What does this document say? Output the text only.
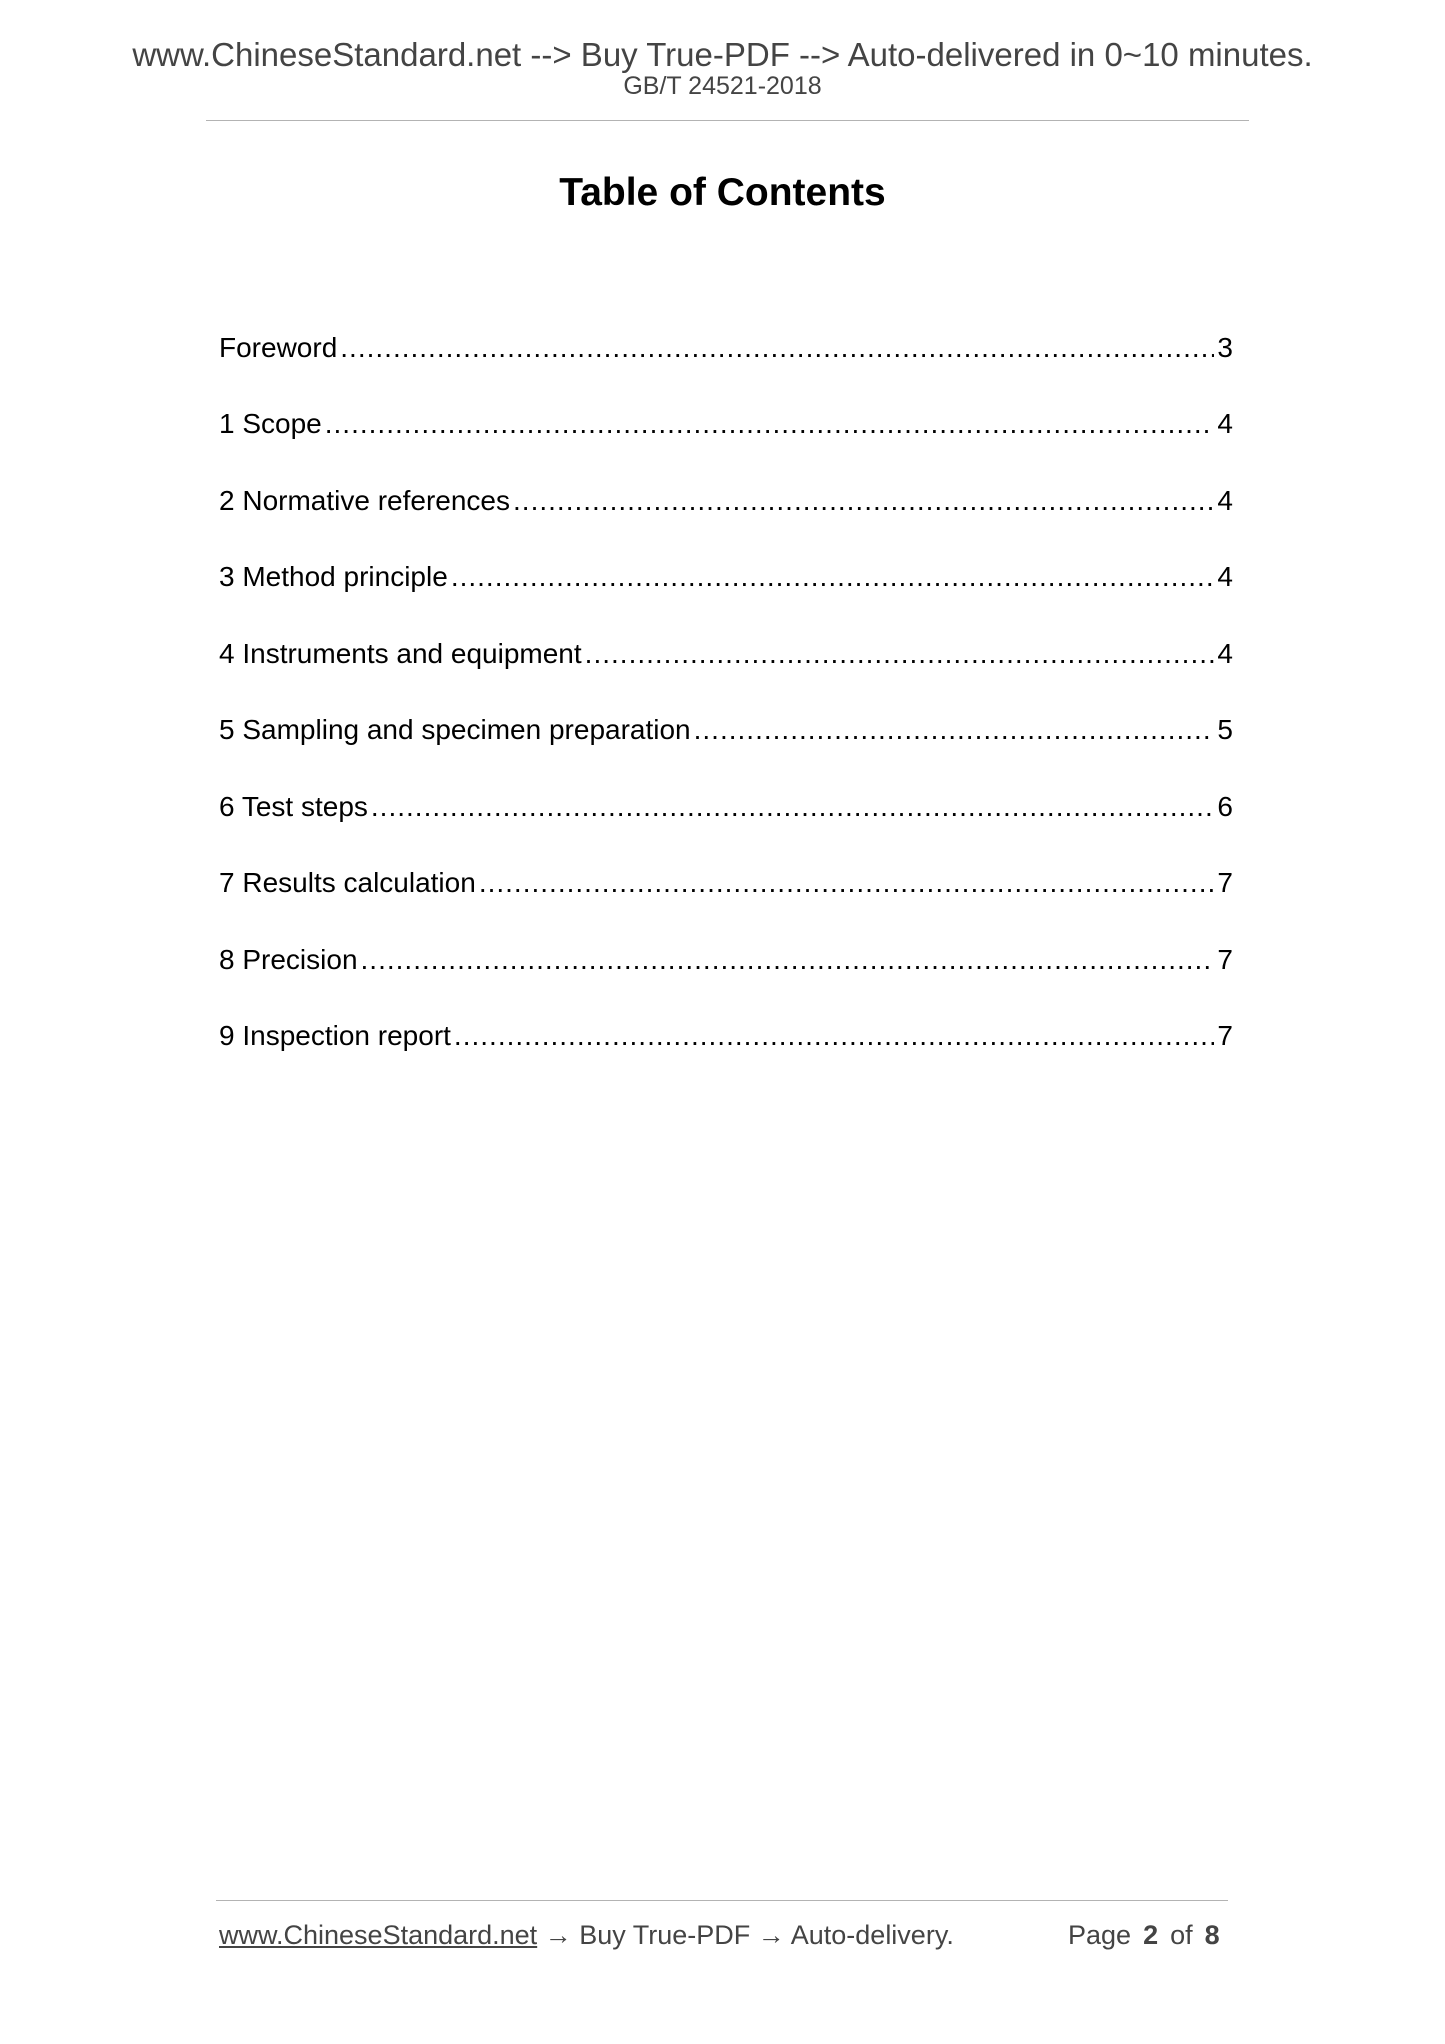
www.ChineseStandard.net --> Buy True-PDF --> Auto-delivered in 0~10 minutes.
GB/T 24521-2018
Table of Contents
Foreword .....	3
1 Scope .....	4
2 Normative references .....	4
3 Method principle .....	4
4 Instruments and equipment .....	4
5 Sampling and specimen preparation .....	5
6 Test steps .....	6
7 Results calculation .....	7
8 Precision .....	7
9 Inspection report .....	7
www.ChineseStandard.net → Buy True-PDF → Auto-delivery.	Page 2 of 8
